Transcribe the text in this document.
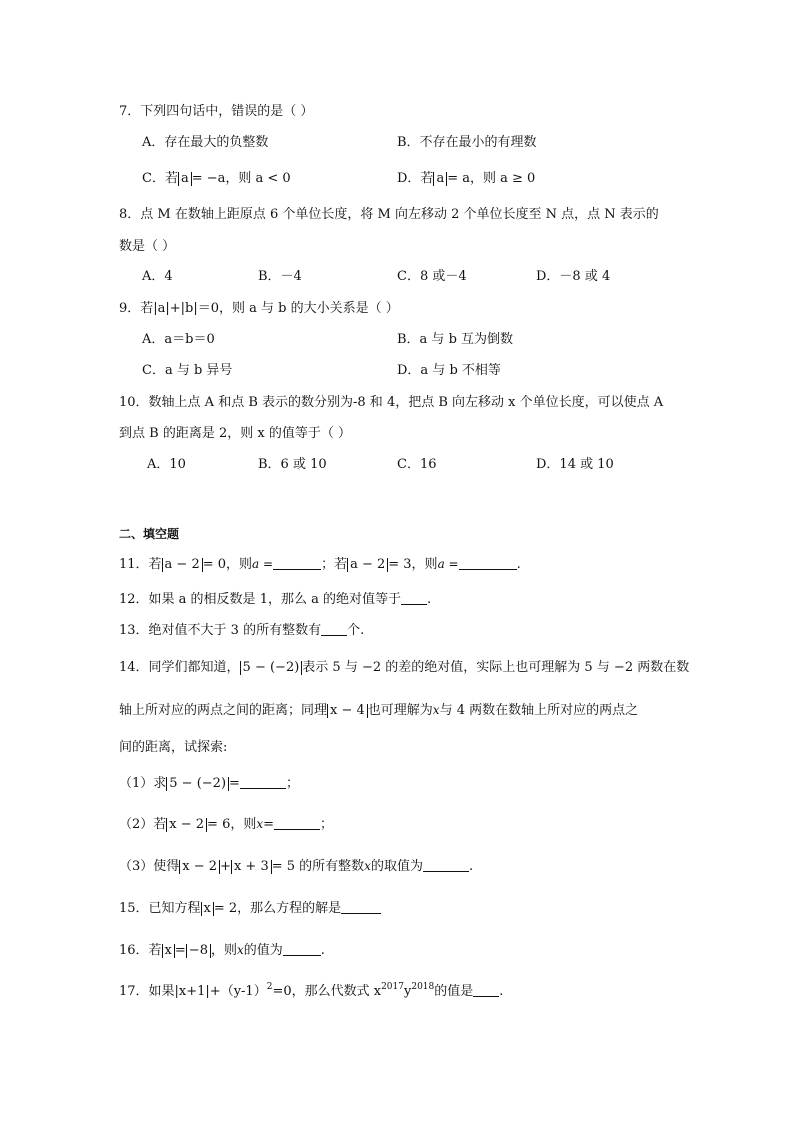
7．下列四句话中，错误的是（ ）
A．存在最大的负整数	B．不存在最小的有理数
C．若 a = −a，则 a < 0	D．若 a = a，则 a ≥ 0
8．点 M 在数轴上距原点 6 个单位长度，将 M 向左移动 2 个单位长度至 N 点，点 N 表示的
数是（ ）
A．4	B．－4	C．8 或－4	D．－8 或 4
9．若|a|+|b|＝0，则 a 与 b 的大小关系是（ ）
A．a＝b＝0	B．a 与 b 互为倒数
C．a 与 b 异号	D．a 与 b 不相等
10．数轴上点 A 和点 B 表示的数分别为-8 和 4，把点 B 向左移动 x 个单位长度，可以使点 A
到点 B 的距离是 2，则 x 的值等于（ ）
A．10	B．6 或 10	C．16	D．14 或 10
二、填空题
11．若 a − 2 = 0，则a =	；若 a − 2 = 3，则a =	.
12．如果 a 的相反数是 1，那么 a 的绝对值等于 .
13．绝对值不大于 3 的所有整数有 个.
14．同学们都知道， 5 − (−2) 表示 5 与 −2 的差的绝对值，实际上也可理解为 5 与 −2 两数在数
轴上所对应的两点之间的距离；同理 x − 4 也可理解为x与 4 两数在数轴上所对应的两点之
间的距离，试探索:
（1）求 5 − (−2) =	；
（2）若 x − 2 = 6，则x=	；
（3）使得 x − 2 + x + 3 = 5 的所有整数x的取值为	.
15．已知方程 x = 2，那么方程的解是
16．若 x = −8 ，则x的值为	.
17．如果$|x+1|+(y-1)^2=0$，那么代数式 $x^{2017}y^{2018}$的值是 .
